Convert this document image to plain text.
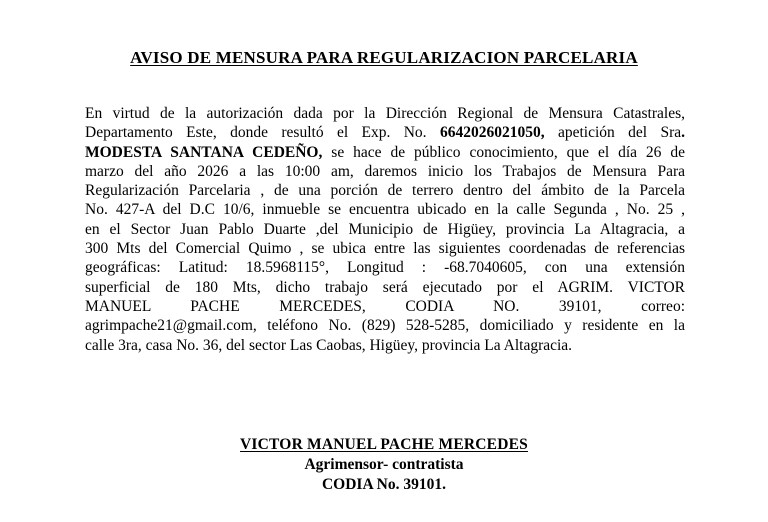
AVISO DE MENSURA PARA REGULARIZACION PARCELARIA
En virtud de la autorización dada por la Dirección Regional de Mensura Catastrales,
Departamento Este, donde resultó el Exp. No. 6642026021050, apetición del Sra.
MODESTA SANTANA CEDEÑO, se hace de público conocimiento, que el día 26 de
marzo del año 2026 a las 10:00 am, daremos inicio los Trabajos de Mensura Para
Regularización Parcelaria , de una porción de terrero dentro del ámbito de la Parcela
No. 427-A del D.C 10/6, inmueble se encuentra ubicado en la calle Segunda , No. 25 ,
en el Sector Juan Pablo Duarte ,del Municipio de Higüey, provincia La Altagracia, a
300 Mts del Comercial Quimo , se ubica entre las siguientes coordenadas de referencias
geográficas: Latitud: 18.5968115°, Longitud : -68.7040605, con una extensión
superficial de 180 Mts, dicho trabajo será ejecutado por el AGRIM. VICTOR
MANUEL PACHE MERCEDES, CODIA NO. 39101, correo:
agrimpache21@gmail.com, teléfono No. (829) 528-5285, domiciliado y residente en la
calle 3ra, casa No. 36, del sector Las Caobas, Higüey, provincia La Altagracia.
VICTOR MANUEL PACHE MERCEDES
Agrimensor- contratista
CODIA No. 39101.
